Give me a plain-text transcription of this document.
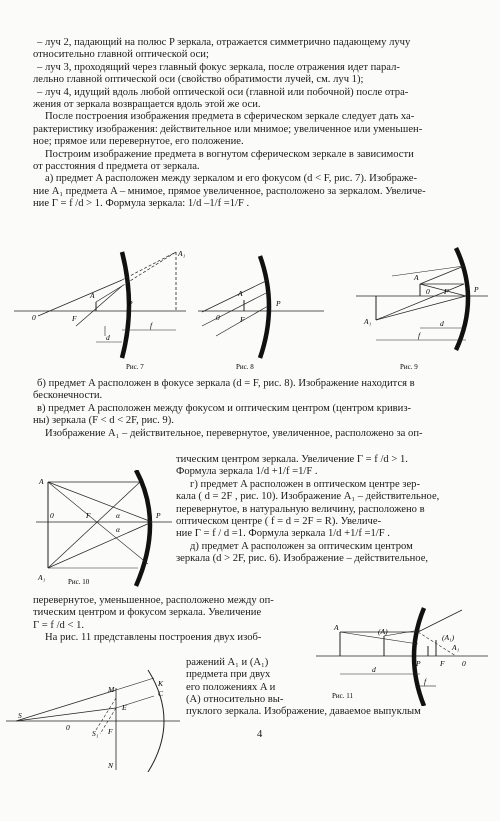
– луч 2, падающий на полюс P зеркала, отражается симметрично падающему лучу
относительно главной оптической оси;
– луч 3, проходящий через главный фокус зеркала, после отражения идет парал-
лельно главной оптической оси (свойство обратимости лучей, см. луч 1);
– луч 4, идущий вдоль любой оптической оси (главной или побочной) после отра-
жения от зеркала возвращается вдоль этой же оси.
После построения изображения предмета в сферическом зеркале следует дать ха-
рактеристику изображения: действительное или мнимое; увеличенное или уменьшен-
ное; прямое или перевернутое, его положение.
Построим изображение предмета в вогнутом сферическом зеркале в зависимости
от расстояния d предмета от зеркала.
а) предмет A расположен между зеркалом и его фокусом (d < F, рис. 7). Изображе-
ние A₁ предмета A – мнимое, прямое увеличенное, расположено за зеркалом. Увеличе-
ние Γ = f /d > 1. Формула зеркала: 1/d –1/f =1/F .
A
A₁
P
F
0
d
f
Рис. 7
A
F
0
P
Рис. 8
A
A₁
0 F	P
d
f
Рис. 9
б) предмет A расположен в фокусе зеркала (d = F, рис. 8). Изображение находится в
бесконечности.
в) предмет A расположен между фокусом и оптическим центром (центром кривиз-
ны) зеркала (F < d < 2F, рис. 9).
Изображение A₁ – действительное, перевернутое, увеличенное, расположено за оп-
A
A₁
0	F	α
α
P
Рис. 10
тическим центром зеркала. Увеличение Γ = f /d > 1.
Формула зеркала 1/d +1/f =1/F .
г) предмет A расположен в оптическом центре зер-
кала ( d = 2F , рис. 10). Изображение A₁ – действительное,
перевернутое, в натуральную величину, расположено в
оптическом центре ( f = d = 2F = R). Увеличе-
ние Γ = f / d =1. Формула зеркала 1/d +1/f =1/F .
д) предмет A расположен за оптическим центром
зеркала (d > 2F, рис. 6). Изображение – действительное,
перевернутое, уменьшенное, расположено между оп-
тическим центром и фокусом зеркала. Увеличение
Γ = f /d < 1.
На рис. 11 представлены построения двух изоб-
ражений A₁ и (A₁)
предмета при двух
его положениях A и
(A) относительно вы-
пуклого зеркала. Изображение, даваемое выпуклым
A	(A)
(A₁)
A₁
F 0
P
d
f
Рис. 11
S
0
S₁ F
M
K
C
E
N
4
